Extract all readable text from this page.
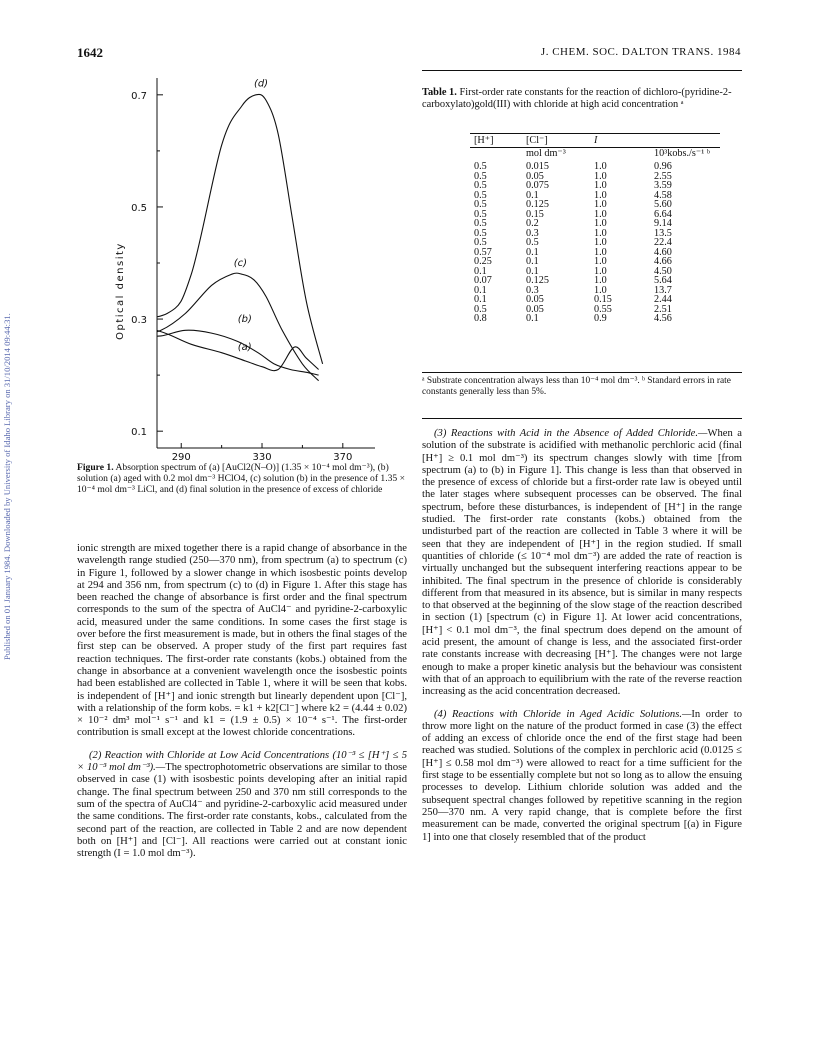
1642	J. CHEM. SOC. DALTON TRANS. 1984
Published on 01 January 1984. Downloaded by University of Idaho Library on 31/10/2014 09:44:31.
0.7
0.5
0.3
0.1
290	330	370
Optical density
(d)
(c)
(b)
(a)
Figure 1. Absorption spectrum of (a) [AuCl2(N–O)] (1.35 × 10⁻⁴ mol dm⁻³), (b) solution (a) aged with 0.2 mol dm⁻³ HClO4, (c) solution (b) in the presence of 1.35 × 10⁻⁴ mol dm⁻³ LiCl, and (d) final solution in the presence of excess of chloride

ionic strength are mixed together there is a rapid change of absorbance in the wavelength range studied (250—370 nm), from spectrum (a) to spectrum (c) in Figure 1, followed by a slower change in which isosbestic points develop at 294 and 356 nm, from spectrum (c) to (d) in Figure 1. After this stage has been reached the change of absorbance is first order and the final spectrum corresponds to the sum of the spectra of AuCl4⁻ and pyridine-2-carboxylic acid, measured under the same conditions. In some cases the first stage is over before the first measurement is made, but in others the final stages of the first step can be observed. A proper study of the first part requires fast reaction techniques. The first-order rate constants (kobs.) obtained from the change in absorbance at a convenient wavelength once the isosbestic points had been established are collected in Table 1, where it will be seen that kobs. is independent of [H⁺] and ionic strength but linearly dependent upon [Cl⁻], with a relationship of the form kobs. = k1 + k2[Cl⁻] where k2 = (4.44 ± 0.02) × 10⁻² dm³ mol⁻¹ s⁻¹ and k1 = (1.9 ± 0.5) × 10⁻⁴ s⁻¹. The first-order contribution is small except at the lowest chloride concentrations.

(2) Reaction with Chloride at Low Acid Concentrations (10⁻³ ≤ [H⁺] ≤ 5 × 10⁻³ mol dm⁻³).—The spectrophotometric observations are similar to those observed in case (1) with isosbestic points developing after an initial rapid change. The final spectrum between 250 and 370 nm still corresponds to the sum of the spectra of AuCl4⁻ and pyridine-2-carboxylic acid measured under the same conditions. The first-order rate constants, kobs., calculated from the second part of the reaction, are collected in Table 2 and are now dependent both on [H⁺] and [Cl⁻]. All reactions were carried out at constant ionic strength (I = 1.0 mol dm⁻³).

Table 1. First-order rate constants for the reaction of dichloro-(pyridine-2-carboxylato)gold(III) with chloride at high acid concentration ᵃ
[H⁺]	[Cl⁻]	I	
	mol dm⁻³		10³kobs./s⁻¹ ᵇ
0.5	0.015	1.0	0.96
0.5	0.05	1.0	2.55
0.5	0.075	1.0	3.59
0.5	0.1	1.0	4.58
0.5	0.125	1.0	5.60
0.5	0.15	1.0	6.64
0.5	0.2	1.0	9.14
0.5	0.3	1.0	13.5
0.5	0.5	1.0	22.4
0.57	0.1	1.0	4.60
0.25	0.1	1.0	4.66
0.1	0.1	1.0	4.50
0.07	0.125	1.0	5.64
0.1	0.3	1.0	13.7
0.1	0.05	0.15	2.44
0.5	0.05	0.55	2.51
0.8	0.1	0.9	4.56
ᵃ Substrate concentration always less than 10⁻⁴ mol dm⁻³. ᵇ Standard errors in rate constants generally less than 5%.

(3) Reactions with Acid in the Absence of Added Chloride.—When a solution of the substrate is acidified with methanolic perchloric acid (final [H⁺] ≥ 0.1 mol dm⁻³) its spectrum changes slowly with time [from spectrum (a) to (b) in Figure 1]. This change is less than that observed in the presence of excess of chloride but a first-order rate law is obeyed until the later stages where subsequent processes can be observed. The final spectrum, before these disturbances, is independent of [H⁺] in the range studied. The first-order rate constants (kobs.) obtained from the undisturbed part of the reaction are collected in Table 3 where it will be seen that they are independent of [H⁺] in the region studied. If small quantities of chloride (≤ 10⁻⁴ mol dm⁻³) are added the rate of reaction is virtually unchanged but the subsequent interfering reactions appear to be inhibited. The final spectrum in the presence of chloride is considerably different from that measured in its absence, but is similar in many respects to that observed at the beginning of the slow stage of the reaction described in section (1) [spectrum (c) in Figure 1]. At lower acid concentrations, [H⁺] < 0.1 mol dm⁻³, the final spectrum does depend on the amount of acid present, the amount of change is less, and the associated first-order rate constants increase with decreasing [H⁺]. The changes were not large enough to make a proper kinetic analysis but the behaviour was consistent with that of an approach to equilibrium with the rate of the reverse reaction increasing as the acid concentration decreased.

(4) Reactions with Chloride in Aged Acidic Solutions.—In order to throw more light on the nature of the product formed in case (3) the effect of adding an excess of chloride once the end of the first stage had been reached was studied. Solutions of the complex in perchloric acid (0.0125 ≤ [H⁺] ≤ 0.58 mol dm⁻³) were allowed to react for a time sufficient for the first stage to be essentially complete but not so long as to allow the ensuing processes to develop. Lithium chloride solution was added and the subsequent spectral changes followed by repetitive scanning in the region 250—370 nm. A very rapid change, that is complete before the first measurement can be made, converted the original spectrum [(a) in Figure 1] into one that closely resembled that of the product
